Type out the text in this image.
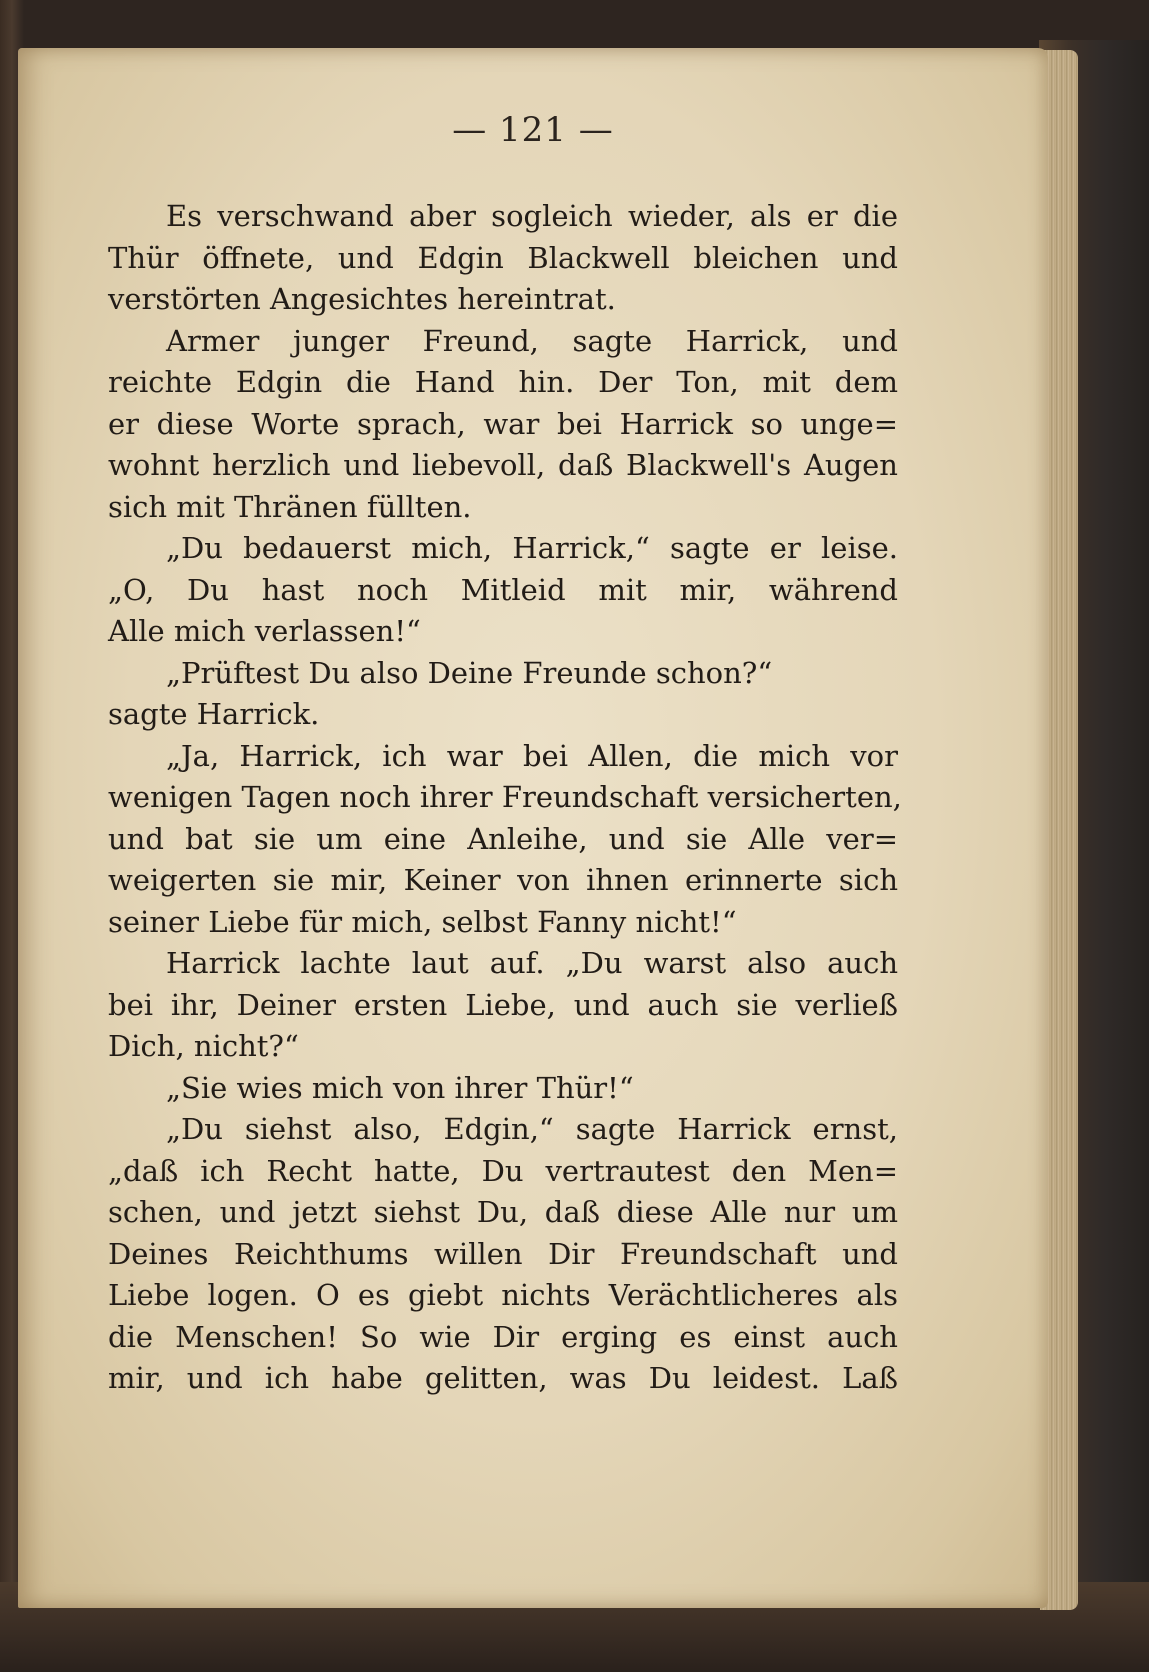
— 121 —
Es verschwand aber sogleich wieder, als er die
Thür öffnete, und Edgin Blackwell bleichen und
verstörten Angesichtes hereintrat.
Armer junger Freund, sagte Harrick, und
reichte Edgin die Hand hin. Der Ton, mit dem
er diese Worte sprach, war bei Harrick so unge=
wohnt herzlich und liebevoll, daß Blackwell's Augen
sich mit Thränen füllten.
„Du bedauerst mich, Harrick,“ sagte er leise.
„O, Du hast noch Mitleid mit mir, während
Alle mich verlassen!“
„Prüftest Du also Deine Freunde schon?“
sagte Harrick.
„Ja, Harrick, ich war bei Allen, die mich vor
wenigen Tagen noch ihrer Freundschaft versicherten,
und bat sie um eine Anleihe, und sie Alle ver=
weigerten sie mir, Keiner von ihnen erinnerte sich
seiner Liebe für mich, selbst Fanny nicht!“
Harrick lachte laut auf. „Du warst also auch
bei ihr, Deiner ersten Liebe, und auch sie verließ
Dich, nicht?“
„Sie wies mich von ihrer Thür!“
„Du siehst also, Edgin,“ sagte Harrick ernst,
„daß ich Recht hatte, Du vertrautest den Men=
schen, und jetzt siehst Du, daß diese Alle nur um
Deines Reichthums willen Dir Freundschaft und
Liebe logen. O es giebt nichts Verächtlicheres als
die Menschen! So wie Dir erging es einst auch
mir, und ich habe gelitten, was Du leidest. Laß
